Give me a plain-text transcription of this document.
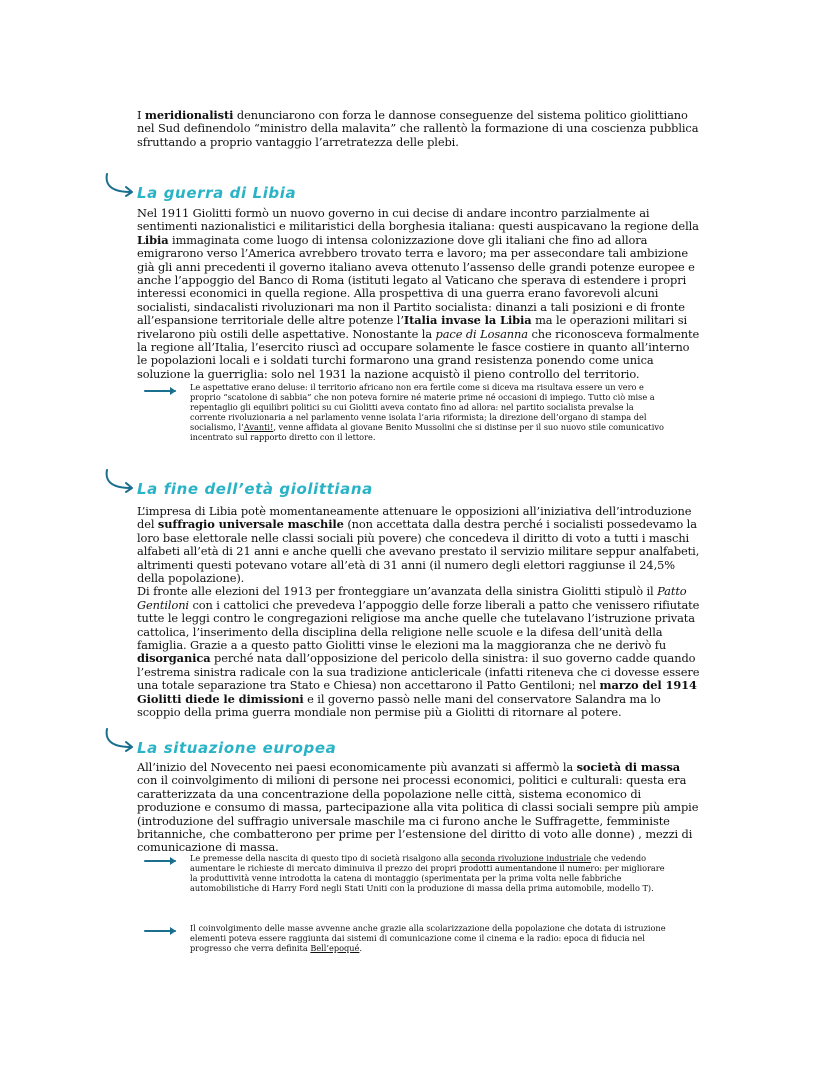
I meridionalisti denunciarono con forza le dannose conseguenze del sistema politico giolittiano nel Sud definendolo “ministro della malavita” che rallentò la formazione di una coscienza pubblica sfruttando a proprio vantaggio l’arretratezza delle plebi.

La guerra di Libia

Nel 1911 Giolitti formò un nuovo governo in cui decise di andare incontro parzialmente ai sentimenti nazionalistici e militaristici della borghesia italiana: questi auspicavano la regione della Libia immaginata come luogo di intensa colonizzazione dove gli italiani che fino ad allora emigrarono verso l’America avrebbero trovato terra e lavoro; ma per assecondare tali ambizione già gli anni precedenti il governo italiano aveva ottenuto l’assenso delle grandi potenze europee e anche l’appoggio del Banco di Roma (istituti legato al Vaticano che sperava di estendere i propri interessi economici in quella regione. Alla prospettiva di una guerra erano favorevoli alcuni socialisti, sindacalisti rivoluzionari ma non il Partito socialista: dinanzi a tali posizioni e di fronte all’espansione territoriale delle altre potenze l’Italia invase la Libia ma le operazioni militari si rivelarono più ostili delle aspettative. Nonostante la pace di Losanna che riconosceva formalmente la regione all’Italia, l’esercito riuscì ad occupare solamente le fasce costiere in quanto all’interno le popolazioni locali e i soldati turchi formarono una grand resistenza ponendo come unica soluzione la guerriglia: solo nel 1931 la nazione acquistò il pieno controllo del territorio.

Le aspettative erano deluse: il territorio africano non era fertile come si diceva ma risultava essere un vero e proprio “scatolone di sabbia” che non poteva fornire né materie prime né occasioni di impiego. Tutto ciò mise a repentaglio gli equilibri politici su cui Giolitti aveva contato fino ad allora: nel partito socialista prevalse la corrente rivoluzionaria a nel parlamento venne isolata l’aria riformista; la direzione dell’organo di stampa del socialismo, l’Avanti!, venne affidata al giovane Benito Mussolini che si distinse per il suo nuovo stile comunicativo incentrato sul rapporto diretto con il lettore.

La fine dell’età giolittiana

L’impresa di Libia potè momentaneamente attenuare le opposizioni all’iniziativa dell’introduzione del suffragio universale maschile (non accettata dalla destra perché i socialisti possedevamo la loro base elettorale nelle classi sociali più povere) che concedeva il diritto di voto a tutti i maschi alfabeti all’età di 21 anni e anche quelli che avevano prestato il servizio militare seppur analfabeti, altrimenti questi potevano votare all’età di 31 anni (il numero degli elettori raggiunse il 24,5% della popolazione).
Di fronte alle elezioni del 1913 per fronteggiare un’avanzata della sinistra Giolitti stipulò il Patto Gentiloni con i cattolici che prevedeva l’appoggio delle forze liberali a patto che venissero rifiutate tutte le leggi contro le congregazioni religiose ma anche quelle che tutelavano l’istruzione privata cattolica, l’inserimento della disciplina della religione nelle scuole e la difesa dell’unità della famiglia. Grazie a a questo patto Giolitti vinse le elezioni ma la maggioranza che ne derivò fu disorganica perché nata dall’opposizione del pericolo della sinistra: il suo governo cadde quando l’estrema sinistra radicale con la sua tradizione anticlericale (infatti riteneva che ci dovesse essere una totale separazione tra Stato e Chiesa) non accettarono il Patto Gentiloni; nel marzo del 1914 Giolitti diede le dimissioni e il governo passò nelle mani del conservatore Salandra ma lo scoppio della prima guerra mondiale non permise più a Giolitti di ritornare al potere.

La situazione europea

All’inizio del Novecento nei paesi economicamente più avanzati si affermò la società di massa con il coinvolgimento di milioni di persone nei processi economici, politici e culturali: questa era caratterizzata da una concentrazione della popolazione nelle città, sistema economico di produzione e consumo di massa, partecipazione alla vita politica di classi sociali sempre più ampie (introduzione del suffragio universale maschile ma ci furono anche le Suffragette, femministe britanniche, che combatterono per prime per l’estensione del diritto di voto alle donne) , mezzi di comunicazione di massa.

Le premesse della nascita di questo tipo di società risalgono alla seconda rivoluzione industriale che vedendo aumentare le richieste di mercato diminuiva il prezzo dei propri prodotti aumentandone il numero: per migliorare la produttività venne introdotta la catena di montaggio (sperimentata per la prima volta nelle fabbriche automobilistiche di Harry Ford negli Stati Uniti con la produzione di massa della prima automobile, modello T).

Il coinvolgimento delle masse avvenne anche grazie alla scolarizzazione della popolazione che dotata di istruzione elementi poteva essere raggiunta dai sistemi di comunicazione come il cinema e la radio: epoca di fiducia nel progresso che verra definita Bell’epoqué.
